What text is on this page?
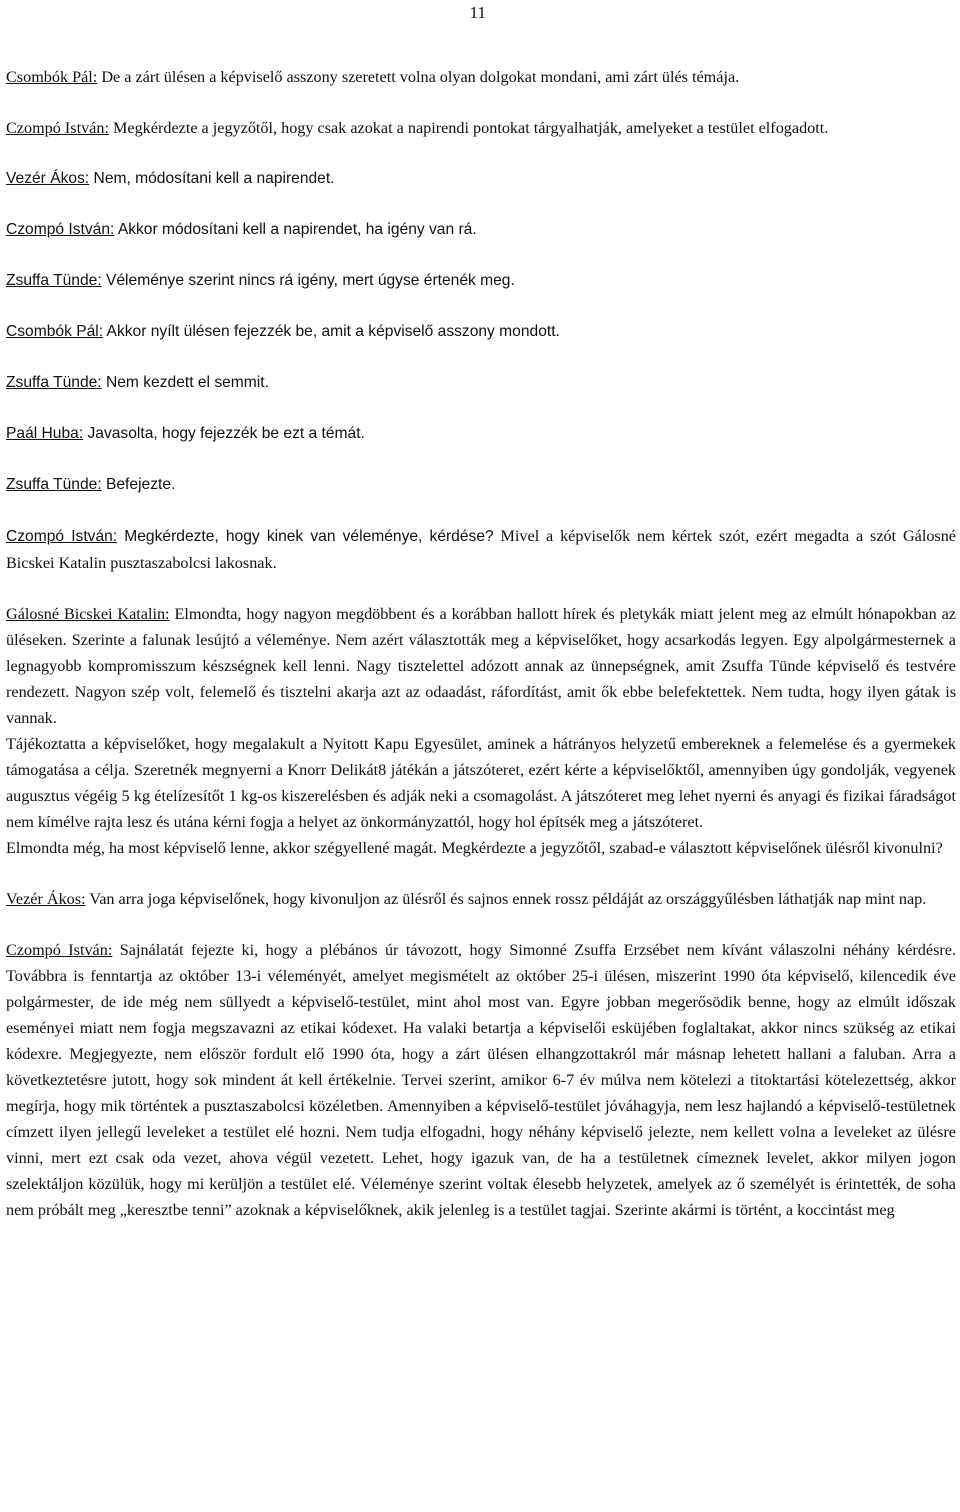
11

Csombók Pál: De a zárt ülésen a képviselő asszony szeretett volna olyan dolgokat mondani, ami zárt ülés témája.

Czompó István: Megkérdezte a jegyzőtől, hogy csak azokat a napirendi pontokat tárgyalhatják, amelyeket a testület elfogadott.

Vezér Ákos: Nem, módosítani kell a napirendet.

Czompó István: Akkor módosítani kell a napirendet, ha igény van rá.

Zsuffa Tünde: Véleménye szerint nincs rá igény, mert úgyse értenék meg.

Csombók Pál: Akkor nyílt ülésen fejezzék be, amit a képviselő asszony mondott.

Zsuffa Tünde: Nem kezdett el semmit.

Paál Huba: Javasolta, hogy fejezzék be ezt a témát.

Zsuffa Tünde: Befejezte.

Czompó István: Megkérdezte, hogy kinek van véleménye, kérdése? Mivel a képviselők nem kértek szót, ezért megadta a szót Gálosné Bicskei Katalin pusztaszabolcsi lakosnak.

Gálosné Bicskei Katalin: Elmondta, hogy nagyon megdöbbent és a korábban hallott hírek és pletykák miatt jelent meg az elmúlt hónapokban az üléseken. Szerinte a falunak lesújtó a véleménye. Nem azért választották meg a képviselőket, hogy acsarkodás legyen. Egy alpolgármesternek a legnagyobb kompromisszum készségnek kell lenni. Nagy tisztelettel adózott annak az ünnepségnek, amit Zsuffa Tünde képviselő és testvére rendezett. Nagyon szép volt, felemelő és tisztelni akarja azt az odaadást, ráfordítást, amit ők ebbe belefektettek. Nem tudta, hogy ilyen gátak is vannak.

Tájékoztatta a képviselőket, hogy megalakult a Nyitott Kapu Egyesület, aminek a hátrányos helyzetű embereknek a felemelése és a gyermekek támogatása a célja. Szeretnék megnyerni a Knorr Delikát8 játékán a játszóteret, ezért kérte a képviselőktől, amennyiben úgy gondolják, vegyenek augusztus végéig 5 kg ételízesítőt 1 kg-os kiszerelésben és adják neki a csomagolást. A játszóteret meg lehet nyerni és anyagi és fizikai fáradságot nem kímélve rajta lesz és utána kérni fogja a helyet az önkormányzattól, hogy hol építsék meg a játszóteret.

Elmondta még, ha most képviselő lenne, akkor szégyellené magát. Megkérdezte a jegyzőtől, szabad-e választott képviselőnek ülésről kivonulni?

Vezér Ákos: Van arra joga képviselőnek, hogy kivonuljon az ülésről és sajnos ennek rossz példáját az országgyűlésben láthatják nap mint nap.

Czompó István: Sajnálatát fejezte ki, hogy a plébános úr távozott, hogy Simonné Zsuffa Erzsébet nem kívánt válaszolni néhány kérdésre. Továbbra is fenntartja az október 13-i véleményét, amelyet megismételt az október 25-i ülésen, miszerint 1990 óta képviselő, kilencedik éve polgármester, de ide még nem süllyedt a képviselő-testület, mint ahol most van. Egyre jobban megerősödik benne, hogy az elmúlt időszak eseményei miatt nem fogja megszavazni az etikai kódexet. Ha valaki betartja a képviselői esküjében foglaltakat, akkor nincs szükség az etikai kódexre. Megjegyezte, nem először fordult elő 1990 óta, hogy a zárt ülésen elhangzottakról már másnap lehetett hallani a faluban. Arra a következtetésre jutott, hogy sok mindent át kell értékelnie. Tervei szerint, amikor 6-7 év múlva nem kötelezi a titoktartási kötelezettség, akkor megírja, hogy mik történtek a pusztaszabolcsi közéletben. Amennyiben a képviselő-testület jóváhagyja, nem lesz hajlandó a képviselő-testületnek címzett ilyen jellegű leveleket a testület elé hozni. Nem tudja elfogadni, hogy néhány képviselő jelezte, nem kellett volna a leveleket az ülésre vinni, mert ezt csak oda vezet, ahova végül vezetett. Lehet, hogy igazuk van, de ha a testületnek címeznek levelet, akkor milyen jogon szelektáljon közülük, hogy mi kerüljön a testület elé. Véleménye szerint voltak élesebb helyzetek, amelyek az ő személyét is érintették, de soha nem próbált meg „keresztbe tenni” azoknak a képviselőknek, akik jelenleg is a testület tagjai. Szerinte akármi is történt, a koccintást meg
